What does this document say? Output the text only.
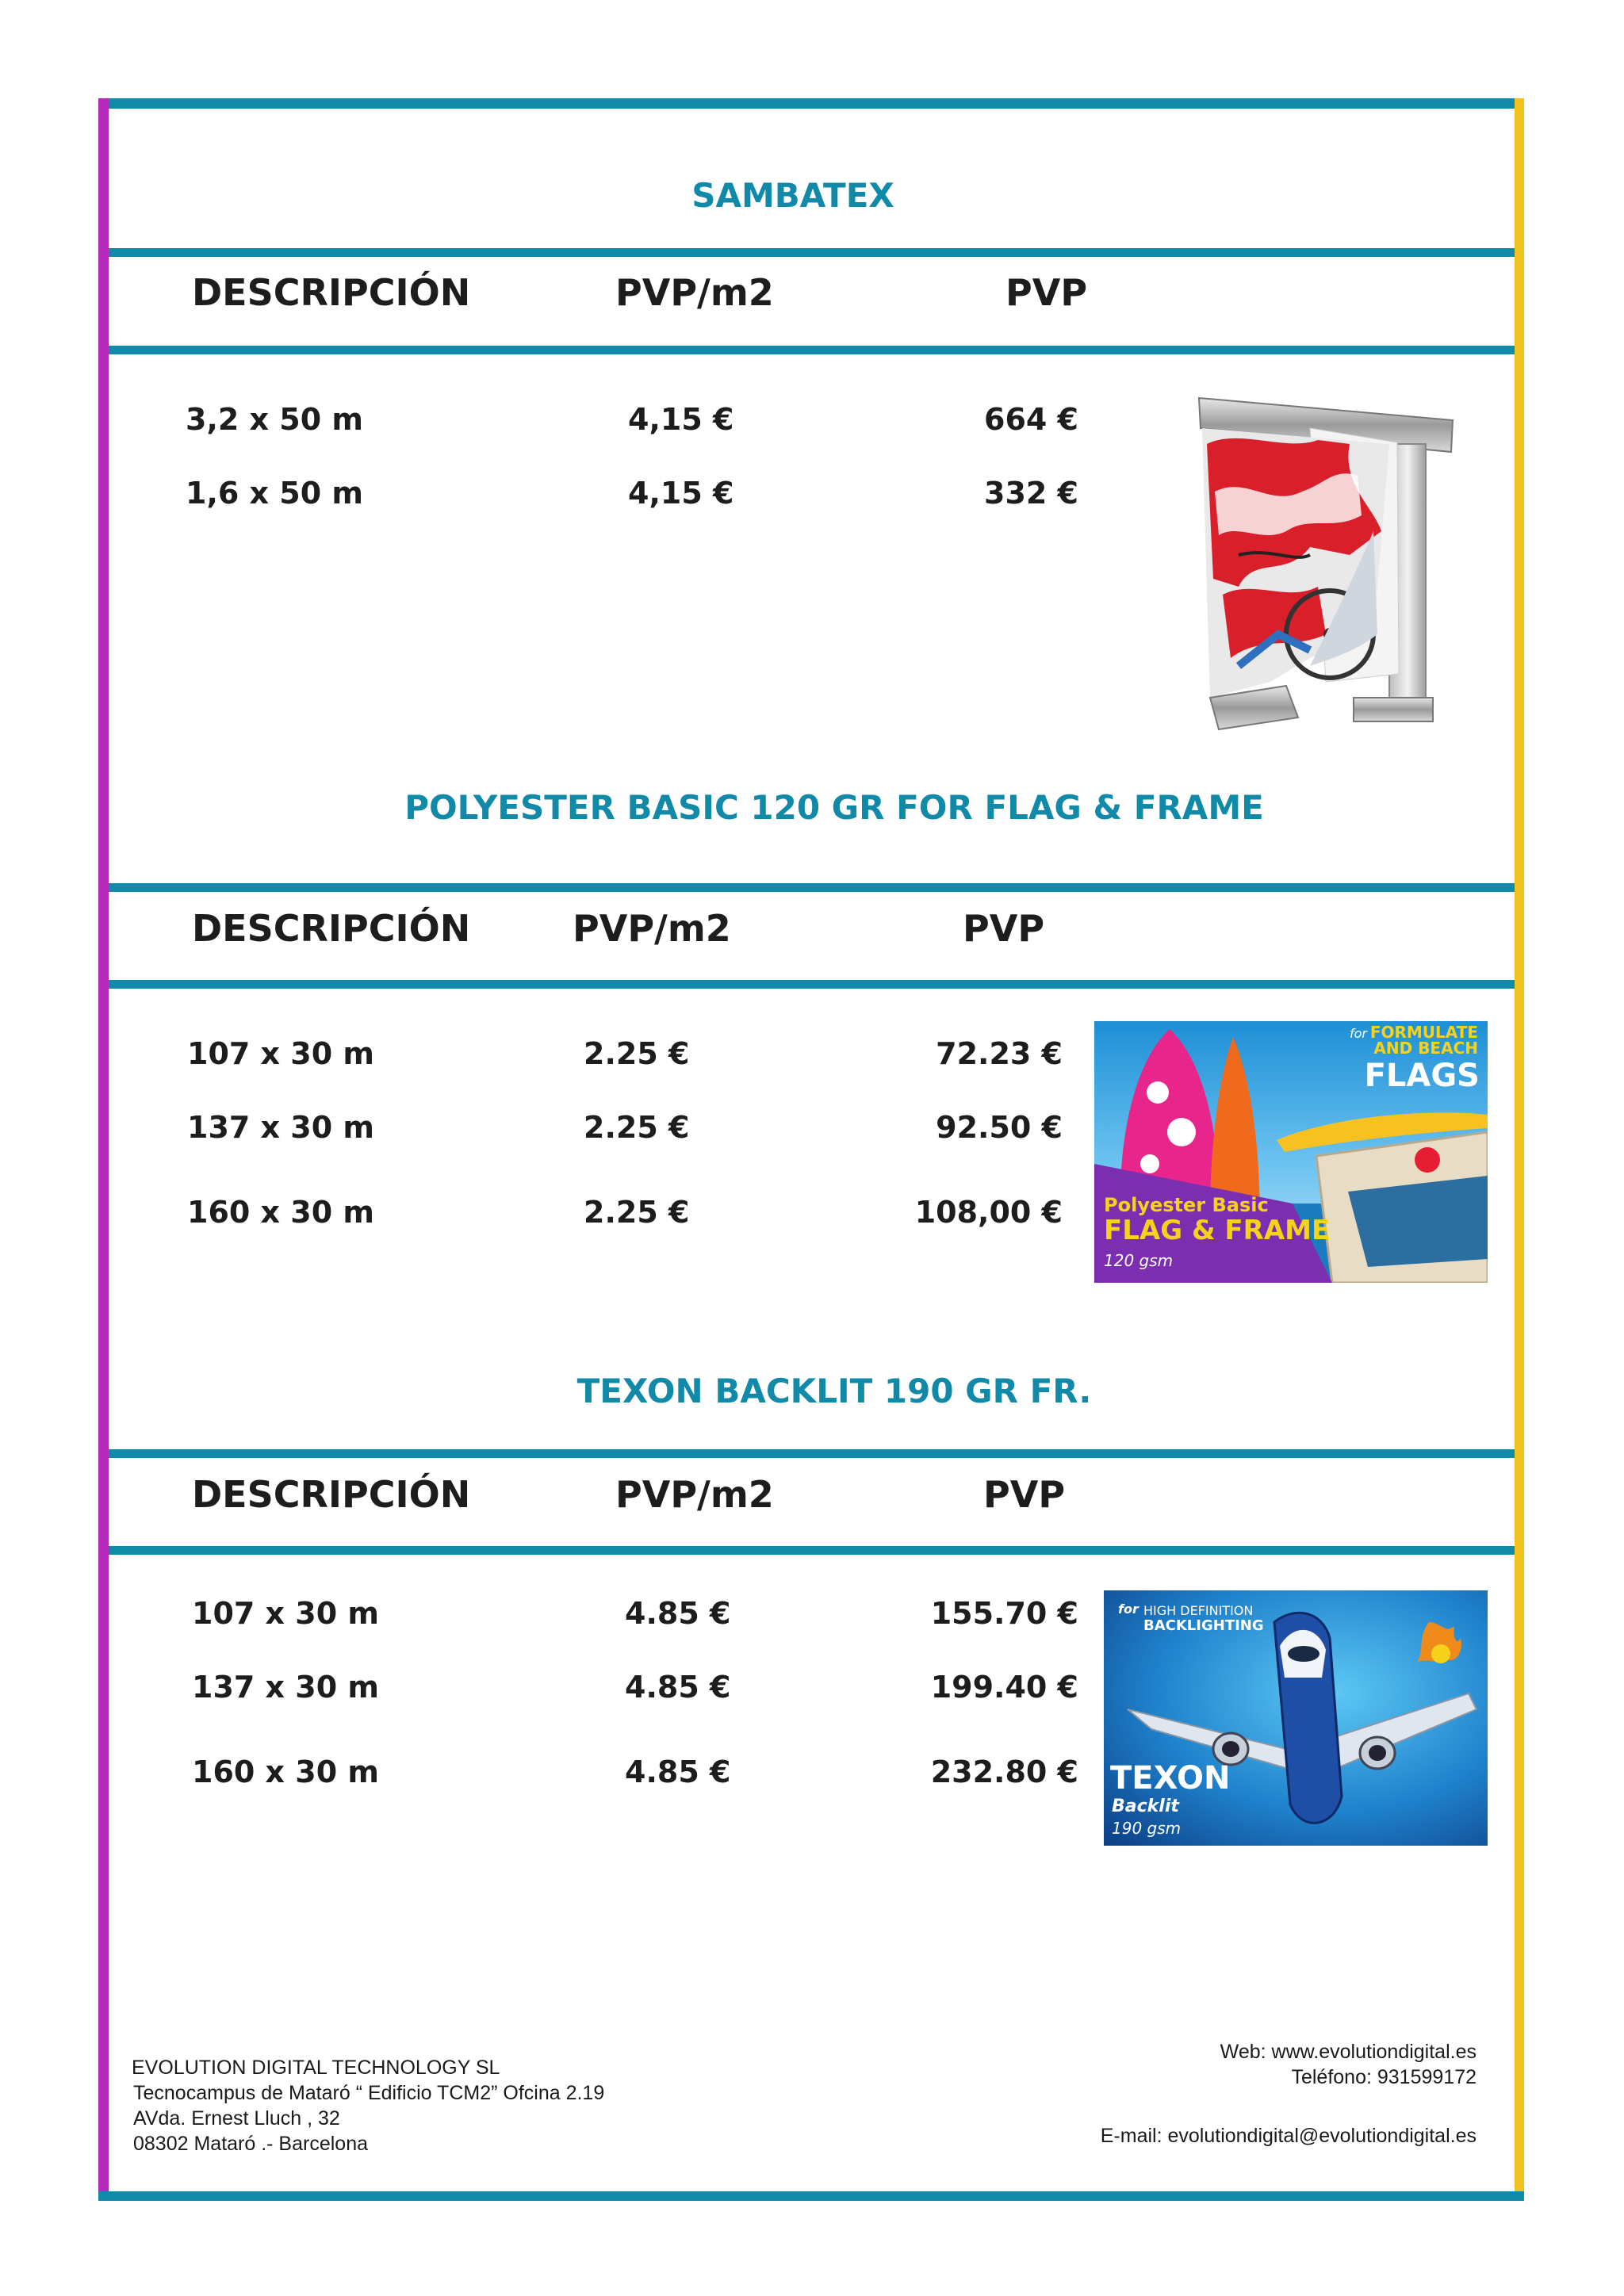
SAMBATEX
DESCRIPCIÓN	PVP/m2	PVP
3,2 x 50 m	4,15 €	664 €
1,6 x 50 m	4,15 €	332 €
POLYESTER BASIC 120 GR FOR FLAG & FRAME
DESCRIPCIÓN	PVP/m2	PVP
107 x 30 m	2.25 €	72.23 €
137 x 30 m	2.25 €	92.50 €
160 x 30 m	2.25 €	108,00 €
for FORMULATE
AND BEACH
FLAGS
Polyester Basic
FLAG & FRAME
120 gsm
TEXON BACKLIT 190 GR FR.
DESCRIPCIÓN	PVP/m2	PVP
107 x 30 m	4.85 €	155.70 €
137 x 30 m	4.85 €	199.40 €
160 x 30 m	4.85 €	232.80 €
for HIGH DEFINITION
BACKLIGHTING
TEXON
Backlit
190 gsm
EVOLUTION DIGITAL TECHNOLOGY SL
Tecnocampus de Mataró “ Edificio TCM2” Ofcina 2.19
AVda. Ernest Lluch , 32
08302 Mataró .- Barcelona
Web: www.evolutiondigital.es
Teléfono: 931599172
E-mail: evolutiondigital@evolutiondigital.es
